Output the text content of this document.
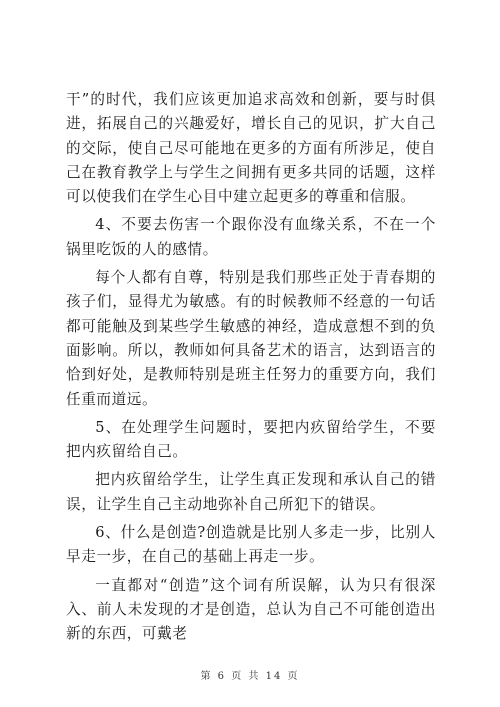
干”的时代，我们应该更加追求高效和创新，要与时俱进，拓展自己的兴趣爱好，增长自己的见识，扩大自己的交际，使自己尽可能地在更多的方面有所涉足，使自己在教育教学上与学生之间拥有更多共同的话题，这样可以使我们在学生心目中建立起更多的尊重和信服。

4、不要去伤害一个跟你没有血缘关系，不在一个锅里吃饭的人的感情。

每个人都有自尊，特别是我们那些正处于青春期的孩子们，显得尤为敏感。有的时候教师不经意的一句话都可能触及到某些学生敏感的神经，造成意想不到的负面影响。所以，教师如何具备艺术的语言，达到语言的恰到好处，是教师特别是班主任努力的重要方向，我们任重而道远。

5、在处理学生问题时，要把内疚留给学生，不要把内疚留给自己。

把内疚留给学生，让学生真正发现和承认自己的错误，让学生自己主动地弥补自己所犯下的错误。

6、什么是创造?创造就是比别人多走一步，比别人早走一步，在自己的基础上再走一步。

一直都对“创造”这个词有所误解，认为只有很深入、前人未发现的才是创造，总认为自己不可能创造出新的东西，可戴老

第 6 页 共 14 页
